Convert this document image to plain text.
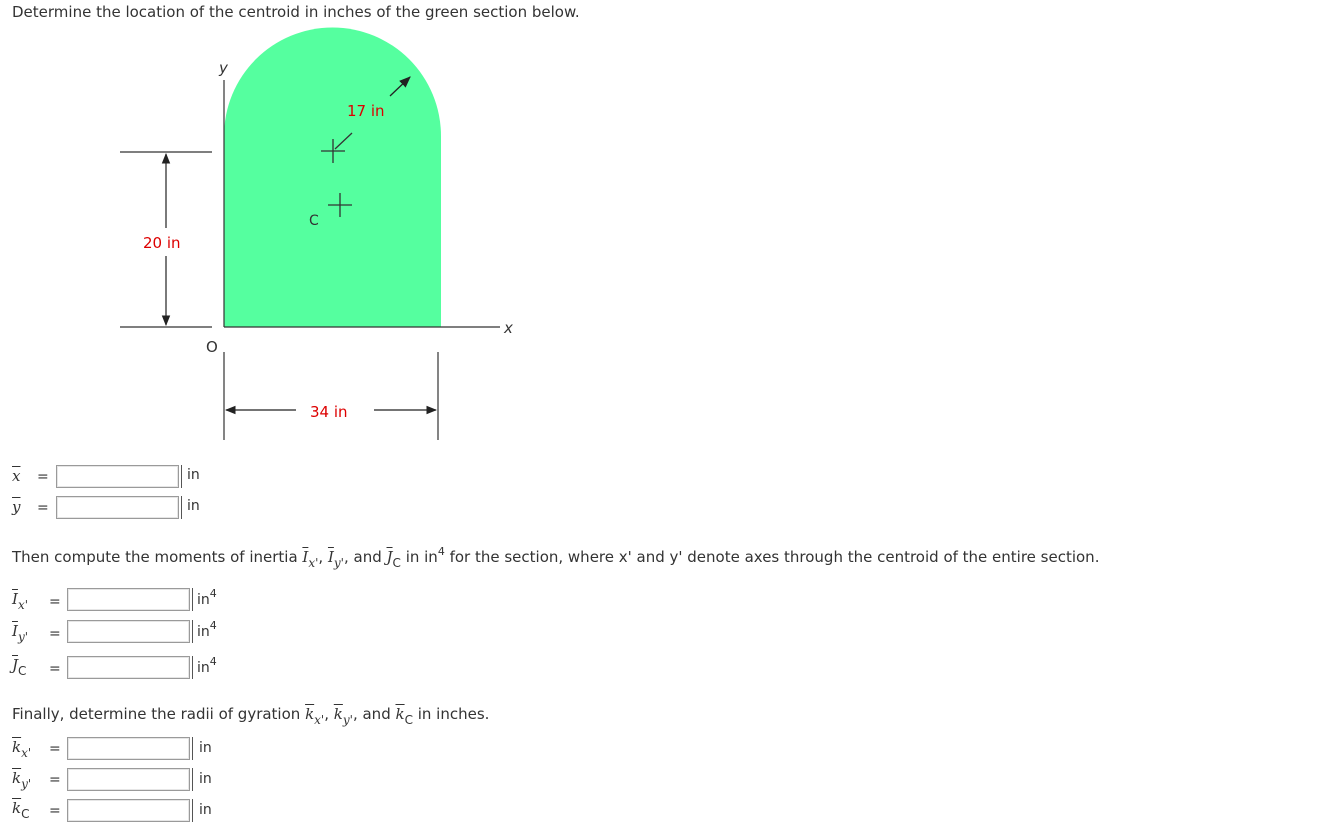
Determine the location of the centroid in inches of the green section below.
y
x
O
20 in
34 in
17 in
C
$\overline{x}$ =	in
$\overline{y}$ =	in
Then compute the moments of inertia $\overline{I}_{x'}$, $\overline{I}_{y'}$, and $\overline{J}_C$ in $in^4$ for the section, where x' and y' denote axes through the centroid of the entire section.
$\overline{I}_{x'}$ =	$in^4$
$\overline{I}_{y'}$ =	$in^4$
$\overline{J}_C$ =	$in^4$
Finally, determine the radii of gyration $\overline{k}_{x'}$, $\overline{k}_{y'}$, and $\overline{k}_C$ in inches.
$\overline{k}_{x'}$ =	in
$\overline{k}_{y'}$ =	in
$\overline{k}_C$ =	in
